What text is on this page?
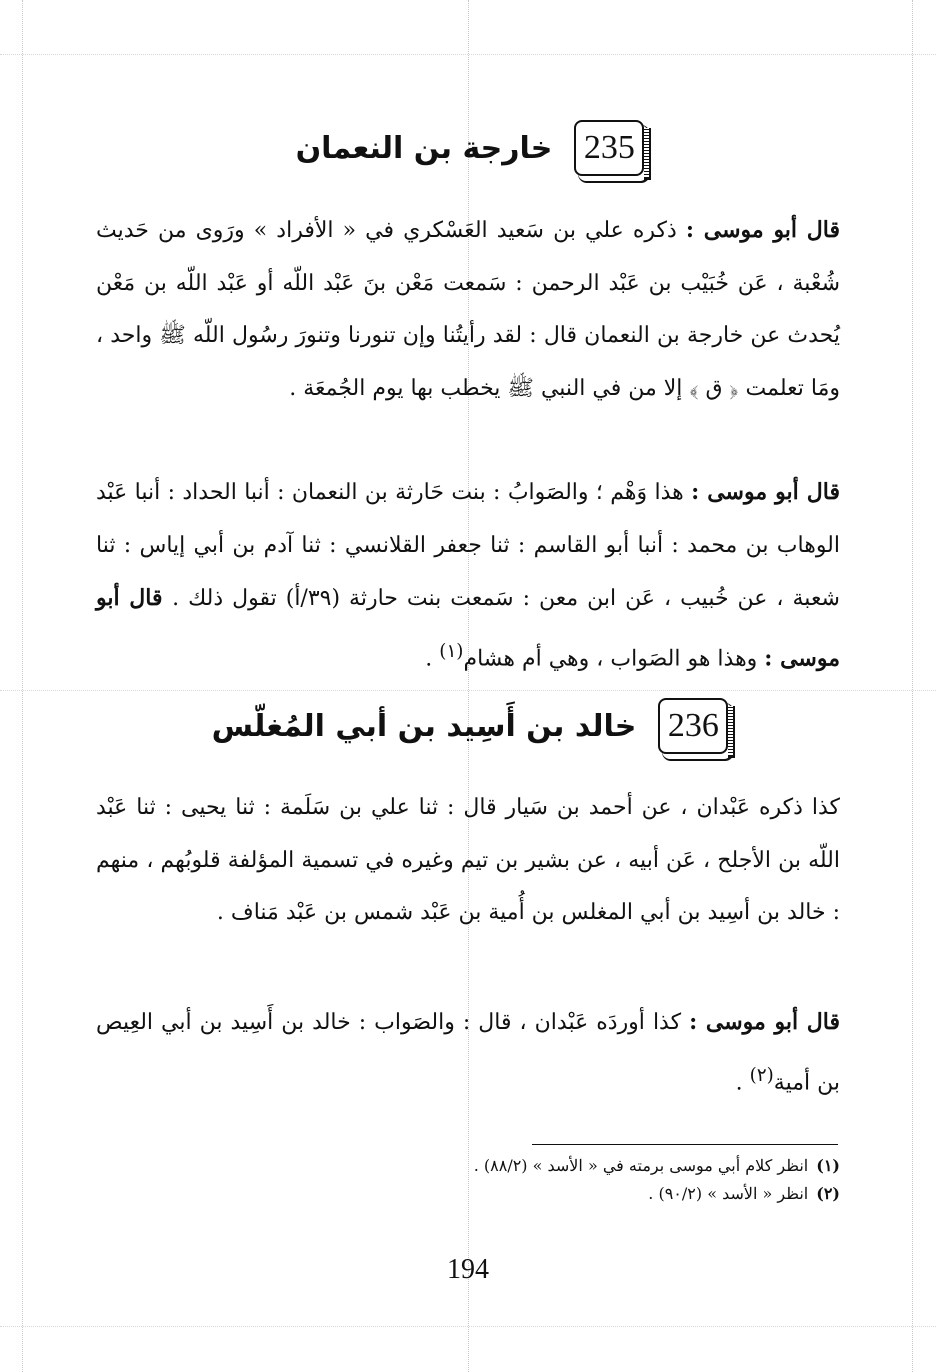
235
خارجة بن النعمان

قال أبو موسى : ذكره علي بن سَعيد العَسْكري في « الأفراد » ورَوى من حَديث شُعْبة ، عَن خُبَيْب بن عَبْد الرحمن : سَمعت مَعْن بنَ عَبْد اللّه أو عَبْد اللّه بن مَعْن يُحدث عن خارجة بن النعمان قال : لقد رأيتُنا وإن تنورنا وتنورَ رسُول اللّه ﷺ واحد ، ومَا تعلمت ﴿ ق ﴾ إلا من في النبي ﷺ يخطب بها يوم الجُمعَة .

قال أبو موسى : هذا وَهْم ؛ والصَوابُ : بنت حَارثة بن النعمان : أنبا الحداد : أنبا عَبْد الوهاب بن محمد : أنبا أبو القاسم : ثنا جعفر القلانسي : ثنا آدم بن أبي إياس : ثنا شعبة ، عن خُبيب ، عَن ابن معن : سَمعت بنت حارثة (٣٩/أ) تقول ذلك . قال أبو موسى : وهذا هو الصَواب ، وهي أم هشام$^{(١)}$ .

236
خالد بن أَسِيد بن أبي المُغلّس

كذا ذكره عَبْدان ، عن أحمد بن سَيار قال : ثنا علي بن سَلَمة : ثنا يحيى : ثنا عَبْد اللّه بن الأجلح ، عَن أبيه ، عن بشير بن تيم وغيره في تسمية المؤلفة قلوبُهم ، منهم : خالد بن أسِيد بن أبي المغلس بن أُمية بن عَبْد شمس بن عَبْد مَناف .

قال أبو موسى : كذا أوردَه عَبْدان ، قال : والصَواب : خالد بن أَسِيد بن أبي العِيص بن أمية$^{(٢)}$ .

(١)انظر كلام أبي موسى برمته في « الأسد » (٨٨/٢) .
(٢)انظر « الأسد » (٩٠/٢) .
194
